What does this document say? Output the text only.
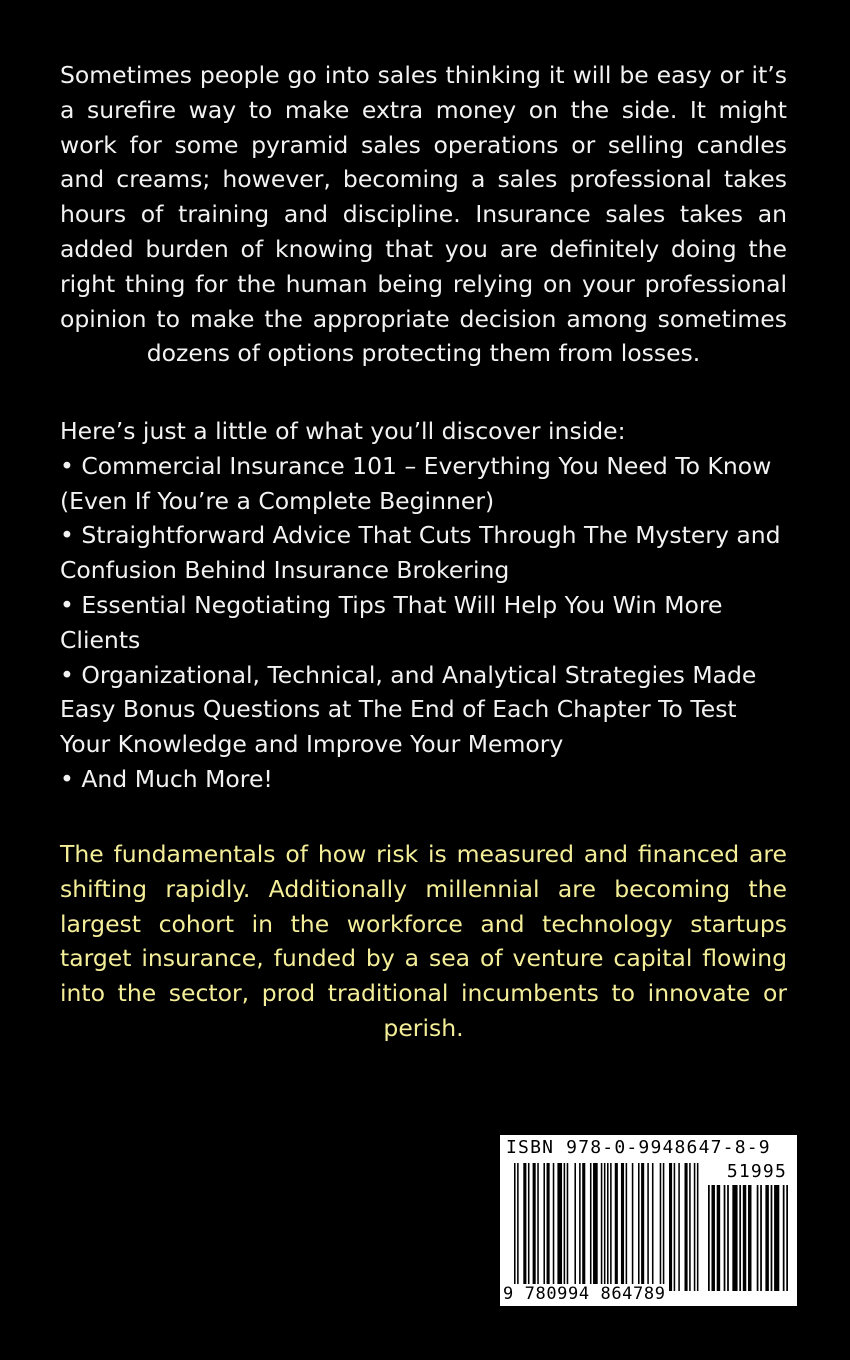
Sometimes people go into sales thinking it will be easy or it’s a surefire way to make extra money on the side. It might work for some pyramid sales operations or selling candles and creams; however, becoming a sales professional takes hours of training and discipline. Insurance sales takes an added burden of knowing that you are definitely doing the right thing for the human being relying on your professional opinion to make the appropriate decision among sometimes dozens of options protecting them from losses.
Here’s just a little of what you’ll discover inside:
• Commercial Insurance 101 – Everything You Need To Know (Even If You’re a Complete Beginner)
• Straightforward Advice That Cuts Through The Mystery and Confusion Behind Insurance Brokering
• Essential Negotiating Tips That Will Help You Win More Clients
• Organizational, Technical, and Analytical Strategies Made Easy Bonus Questions at The End of Each Chapter To Test Your Knowledge and Improve Your Memory
• And Much More!
The fundamentals of how risk is measured and financed are shifting rapidly. Additionally millennial are becoming the largest cohort in the workforce and technology startups target insurance, funded by a sea of venture capital flowing into the sector, prod traditional incumbents to innovate or perish.
ISBN 978-0-9948647-8-9
51995
9 780994 864789
